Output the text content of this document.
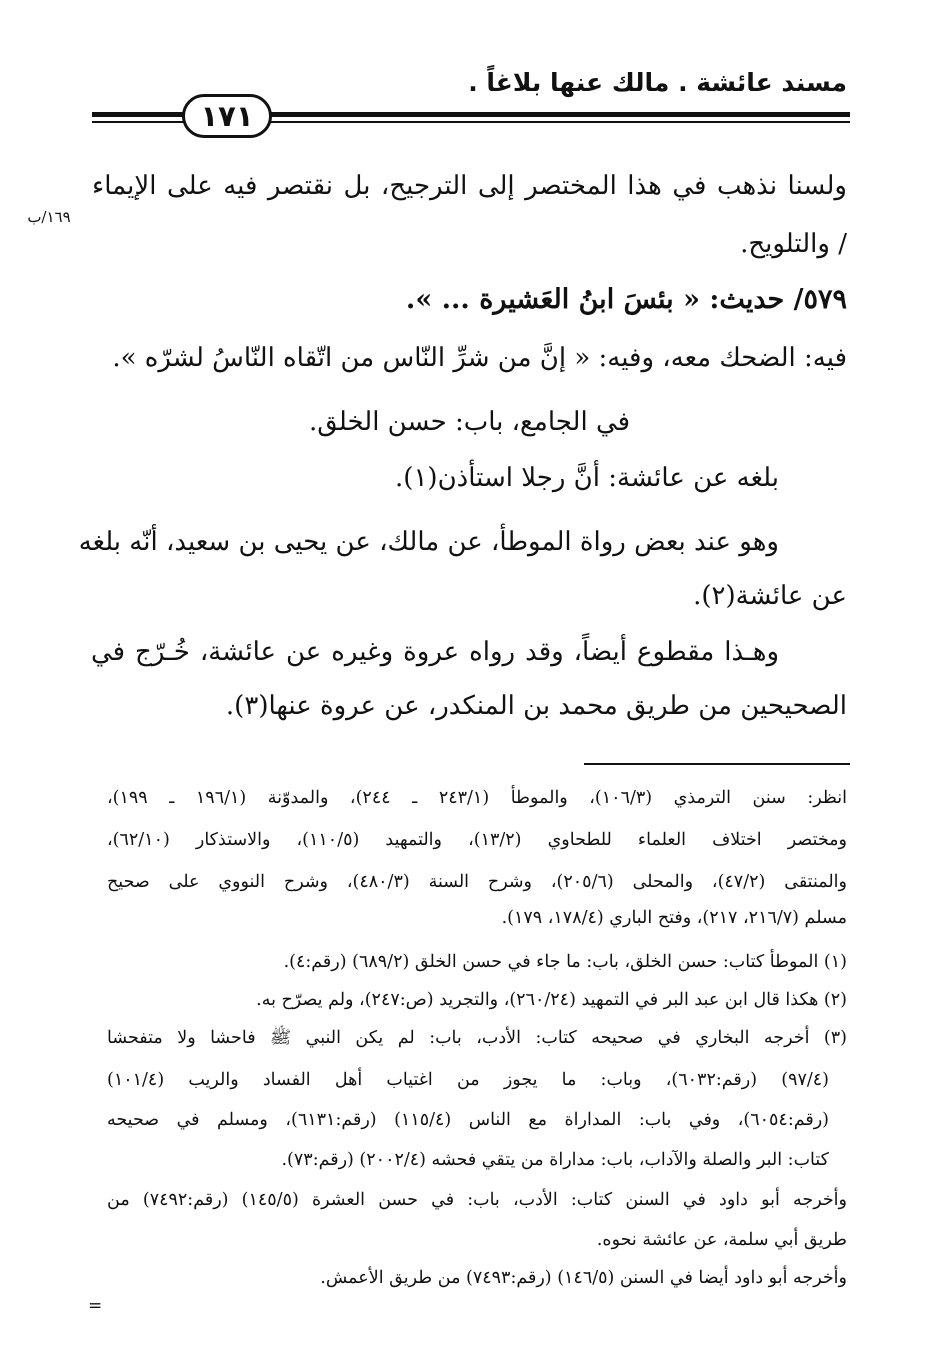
مسند عائشة . مالك عنها بلاغاً .
١٧١
١٦٩/ب
ولسنا نذهب في هذا المختصر إلى الترجيح، بل نقتصر فيه على الإيماء
/ والتلويح.
٥٧٩/ حديث: « بئسَ ابنُ العَشيرة ... ».
فيه: الضحك معه، وفيه: « إنَّ من شرِّ النّاس من اتّقاه النّاسُ لشرّه ».
في الجامع، باب: حسن الخلق.
بلغه عن عائشة: أنَّ رجلا استأذن(١).
وهو عند بعض رواة الموطأ، عن مالك، عن يحيى بن سعيد، أنّه بلغه
عن عائشة(٢).
وهـذا مقطوع أيضاً، وقد رواه عروة وغيره عن عائشة، خُـرّج في
الصحيحين من طريق محمد بن المنكدر، عن عروة عنها(٣).
انظر: سنن الترمذي (١٠٦/٣)، والموطأ (٢٤٣/١ ـ ٢٤٤)، والمدوّنة (١٩٦/١ ـ ١٩٩)،
ومختصر اختلاف العلماء للطحاوي (١٣/٢)، والتمهيد (١١٠/٥)، والاستذكار (٦٢/١٠)،
والمنتقى (٤٧/٢)، والمحلى (٢٠٥/٦)، وشرح السنة (٤٨٠/٣)، وشرح النووي على صحيح
مسلم (٢١٦/٧، ٢١٧)، وفتح الباري (١٧٨/٤، ١٧٩).
(١) الموطأ كتاب: حسن الخلق، باب: ما جاء في حسن الخلق (٦٨٩/٢) (رقم:٤).
(٢) هكذا قال ابن عبد البر في التمهيد (٢٦٠/٢٤)، والتجريد (ص:٢٤٧)، ولم يصرّح به.
(٣) أخرجه البخاري في صحيحه كتاب: الأدب، باب: لم يكن النبي ﷺ فاحشا ولا متفحشا
(٩٧/٤) (رقم:٦٠٣٢)، وباب: ما يجوز من اغتياب أهل الفساد والريب (١٠١/٤)
(رقم:٦٠٥٤)، وفي باب: المداراة مع الناس (١١٥/٤) (رقم:٦١٣١)، ومسلم في صحيحه
كتاب: البر والصلة والآداب، باب: مداراة من يتقي فحشه (٢٠٠٢/٤) (رقم:٧٣).
وأخرجه أبو داود في السنن كتاب: الأدب، باب: في حسن العشرة (١٤٥/٥) (رقم:٧٤٩٢) من
طريق أبي سلمة، عن عائشة نحوه.
وأخرجه أبو داود أيضا في السنن (١٤٦/٥) (رقم:٧٤٩٣) من طريق الأعمش.
=
